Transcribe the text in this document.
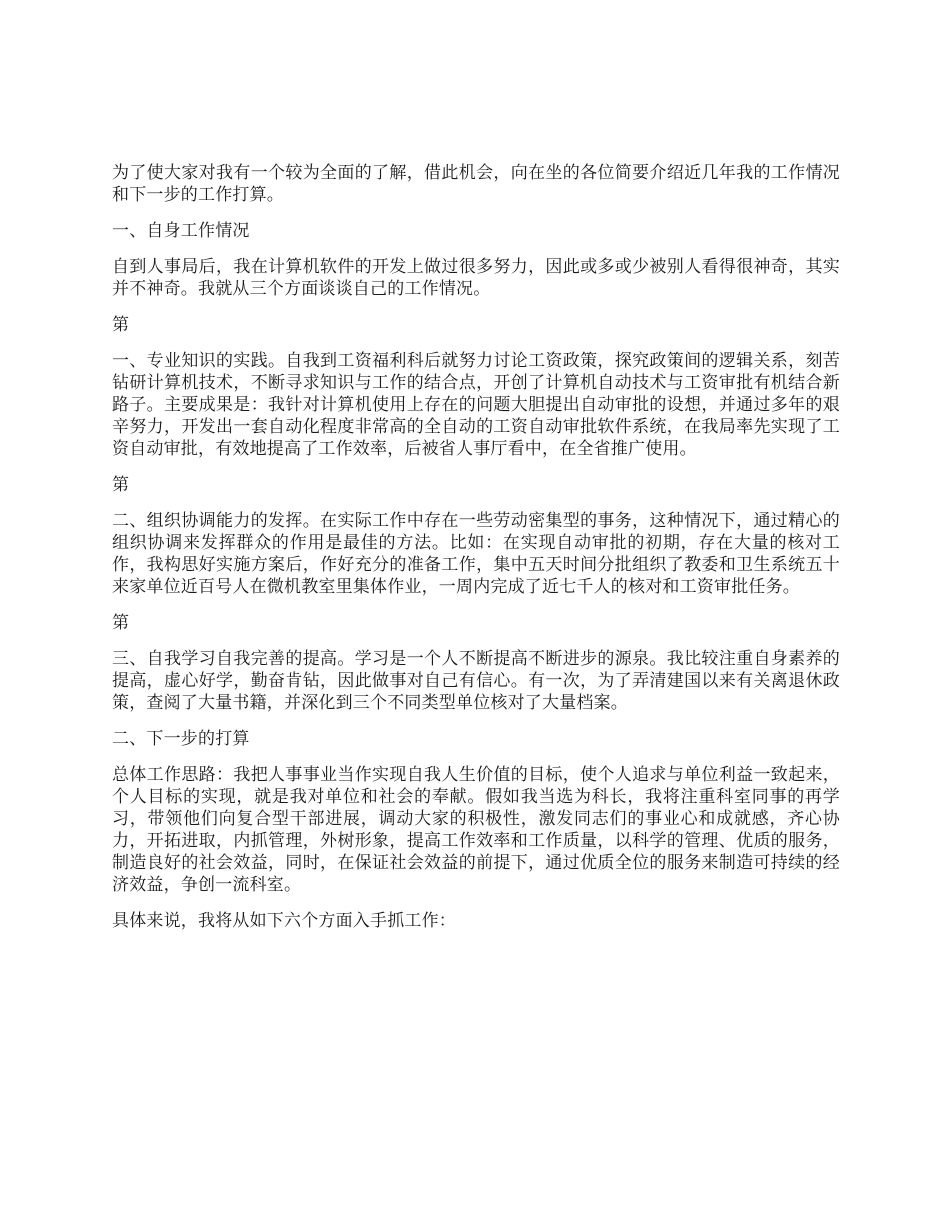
为了使大家对我有一个较为全面的了解，借此机会，向在坐的各位简要介绍近几年我的工作情况和下一步的工作打算。

一、自身工作情况

自到人事局后，我在计算机软件的开发上做过很多努力，因此或多或少被别人看得很神奇，其实并不神奇。我就从三个方面谈谈自己的工作情况。

第

一、专业知识的实践。自我到工资福利科后就努力讨论工资政策，探究政策间的逻辑关系，刻苦钻研计算机技术，不断寻求知识与工作的结合点，开创了计算机自动技术与工资审批有机结合新路子。主要成果是：我针对计算机使用上存在的问题大胆提出自动审批的设想，并通过多年的艰辛努力，开发出一套自动化程度非常高的全自动的工资自动审批软件系统，在我局率先实现了工资自动审批，有效地提高了工作效率，后被省人事厅看中，在全省推广使用。

第

二、组织协调能力的发挥。在实际工作中存在一些劳动密集型的事务，这种情况下，通过精心的组织协调来发挥群众的作用是最佳的方法。比如：在实现自动审批的初期，存在大量的核对工作，我构思好实施方案后，作好充分的准备工作，集中五天时间分批组织了教委和卫生系统五十来家单位近百号人在微机教室里集体作业，一周内完成了近七千人的核对和工资审批任务。

第

三、自我学习自我完善的提高。学习是一个人不断提高不断进步的源泉。我比较注重自身素养的提高，虚心好学，勤奋肯钻，因此做事对自己有信心。有一次，为了弄清建国以来有关离退休政策，查阅了大量书籍，并深化到三个不同类型单位核对了大量档案。

二、下一步的打算

总体工作思路：我把人事事业当作实现自我人生价值的目标，使个人追求与单位利益一致起来，个人目标的实现，就是我对单位和社会的奉献。假如我当选为科长，我将注重科室同事的再学习，带领他们向复合型干部进展，调动大家的积极性，激发同志们的事业心和成就感，齐心协力，开拓进取，内抓管理，外树形象，提高工作效率和工作质量，以科学的管理、优质的服务，制造良好的社会效益，同时，在保证社会效益的前提下，通过优质全位的服务来制造可持续的经济效益，争创一流科室。

具体来说，我将从如下六个方面入手抓工作：
